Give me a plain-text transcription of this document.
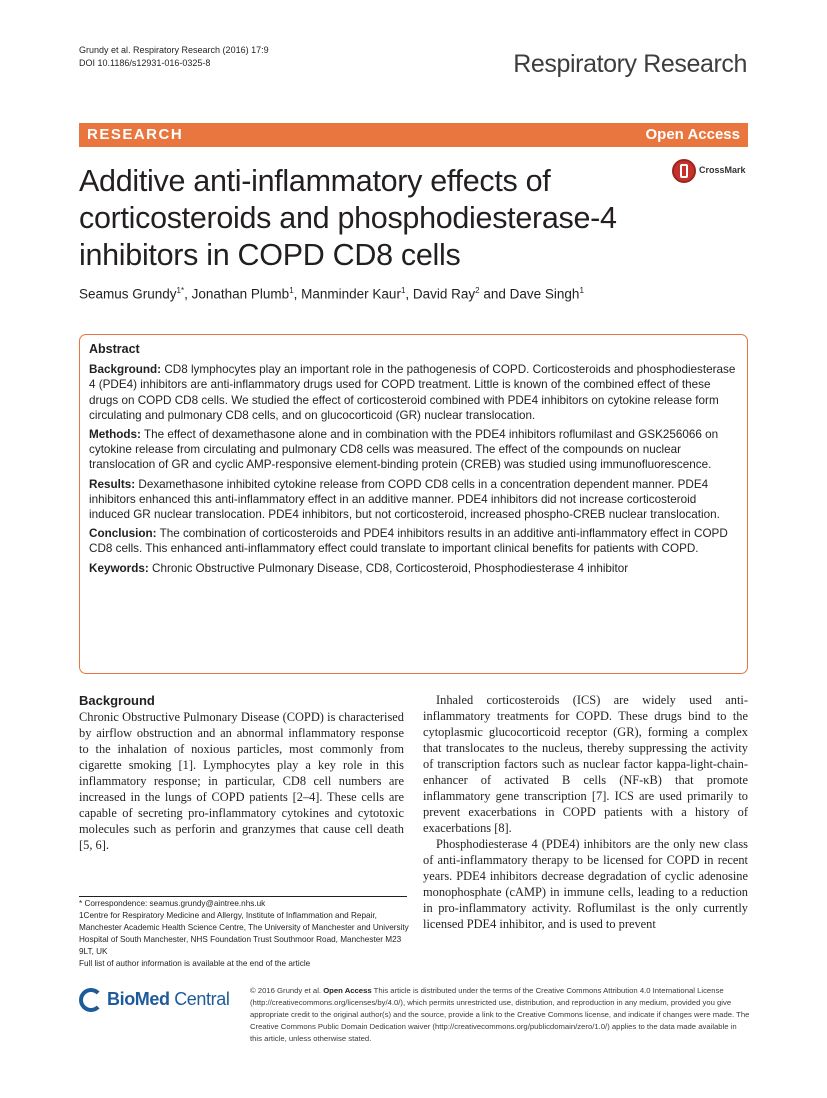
Grundy et al. Respiratory Research (2016) 17:9
DOI 10.1186/s12931-016-0325-8	Respiratory Research
RESEARCH	Open Access
CrossMark
Additive anti-inflammatory effects of corticosteroids and phosphodiesterase-4 inhibitors in COPD CD8 cells
Seamus Grundy$^{1*}$, Jonathan Plumb$^1$, Manminder Kaur$^1$, David Ray$^2$ and Dave Singh$^1$
Abstract

Background: CD8 lymphocytes play an important role in the pathogenesis of COPD. Corticosteroids and phosphodiesterase 4 (PDE4) inhibitors are anti-inflammatory drugs used for COPD treatment. Little is known of the combined effect of these drugs on COPD CD8 cells. We studied the effect of corticosteroid combined with PDE4 inhibitors on cytokine release form circulating and pulmonary CD8 cells, and on glucocorticoid (GR) nuclear translocation.

Methods: The effect of dexamethasone alone and in combination with the PDE4 inhibitors roflumilast and GSK256066 on cytokine release from circulating and pulmonary CD8 cells was measured. The effect of the compounds on nuclear translocation of GR and cyclic AMP-responsive element-binding protein (CREB) was studied using immunofluorescence.

Results: Dexamethasone inhibited cytokine release from COPD CD8 cells in a concentration dependent manner. PDE4 inhibitors enhanced this anti-inflammatory effect in an additive manner. PDE4 inhibitors did not increase corticosteroid induced GR nuclear translocation. PDE4 inhibitors, but not corticosteroid, increased phospho-CREB nuclear translocation.

Conclusion: The combination of corticosteroids and PDE4 inhibitors results in an additive anti-inflammatory effect in COPD CD8 cells. This enhanced anti-inflammatory effect could translate to important clinical benefits for patients with COPD.

Keywords: Chronic Obstructive Pulmonary Disease, CD8, Corticosteroid, Phosphodiesterase 4 inhibitor

Background

Chronic Obstructive Pulmonary Disease (COPD) is characterised by airflow obstruction and an abnormal inflammatory response to the inhalation of noxious particles, most commonly from cigarette smoking [1]. Lymphocytes play a key role in this inflammatory response; in particular, CD8 cell numbers are increased in the lungs of COPD patients [2–4]. These cells are capable of secreting pro-inflammatory cytokines and cytotoxic molecules such as perforin and granzymes that cause cell death [5, 6].

Inhaled corticosteroids (ICS) are widely used anti-inflammatory treatments for COPD. These drugs bind to the cytoplasmic glucocorticoid receptor (GR), forming a complex that translocates to the nucleus, thereby suppressing the activity of transcription factors such as nuclear factor kappa-light-chain-enhancer of activated B cells (NF-κB) that promote inflammatory gene transcription [7]. ICS are used primarily to prevent exacerbations in COPD patients with a history of exacerbations [8].

Phosphodiesterase 4 (PDE4) inhibitors are the only new class of anti-inflammatory therapy to be licensed for COPD in recent years. PDE4 inhibitors decrease degradation of cyclic adenosine monophosphate (cAMP) in immune cells, leading to a reduction in pro-inflammatory activity. Roflumilast is the only currently licensed PDE4 inhibitor, and is used to prevent

* Correspondence: seamus.grundy@aintree.nhs.uk

1Centre for Respiratory Medicine and Allergy, Institute of Inflammation and Repair, Manchester Academic Health Science Centre, The University of Manchester and University Hospital of South Manchester, NHS Foundation Trust Southmoor Road, Manchester M23 9LT, UK

Full list of author information is available at the end of the article

BioMed Central	© 2016 Grundy et al. Open Access This article is distributed under the terms of the Creative Commons Attribution 4.0 International License (http://creativecommons.org/licenses/by/4.0/), which permits unrestricted use, distribution, and reproduction in any medium, provided you give appropriate credit to the original author(s) and the source, provide a link to the Creative Commons license, and indicate if changes were made. The Creative Commons Public Domain Dedication waiver (http://creativecommons.org/publicdomain/zero/1.0/) applies to the data made available in this article, unless otherwise stated.
